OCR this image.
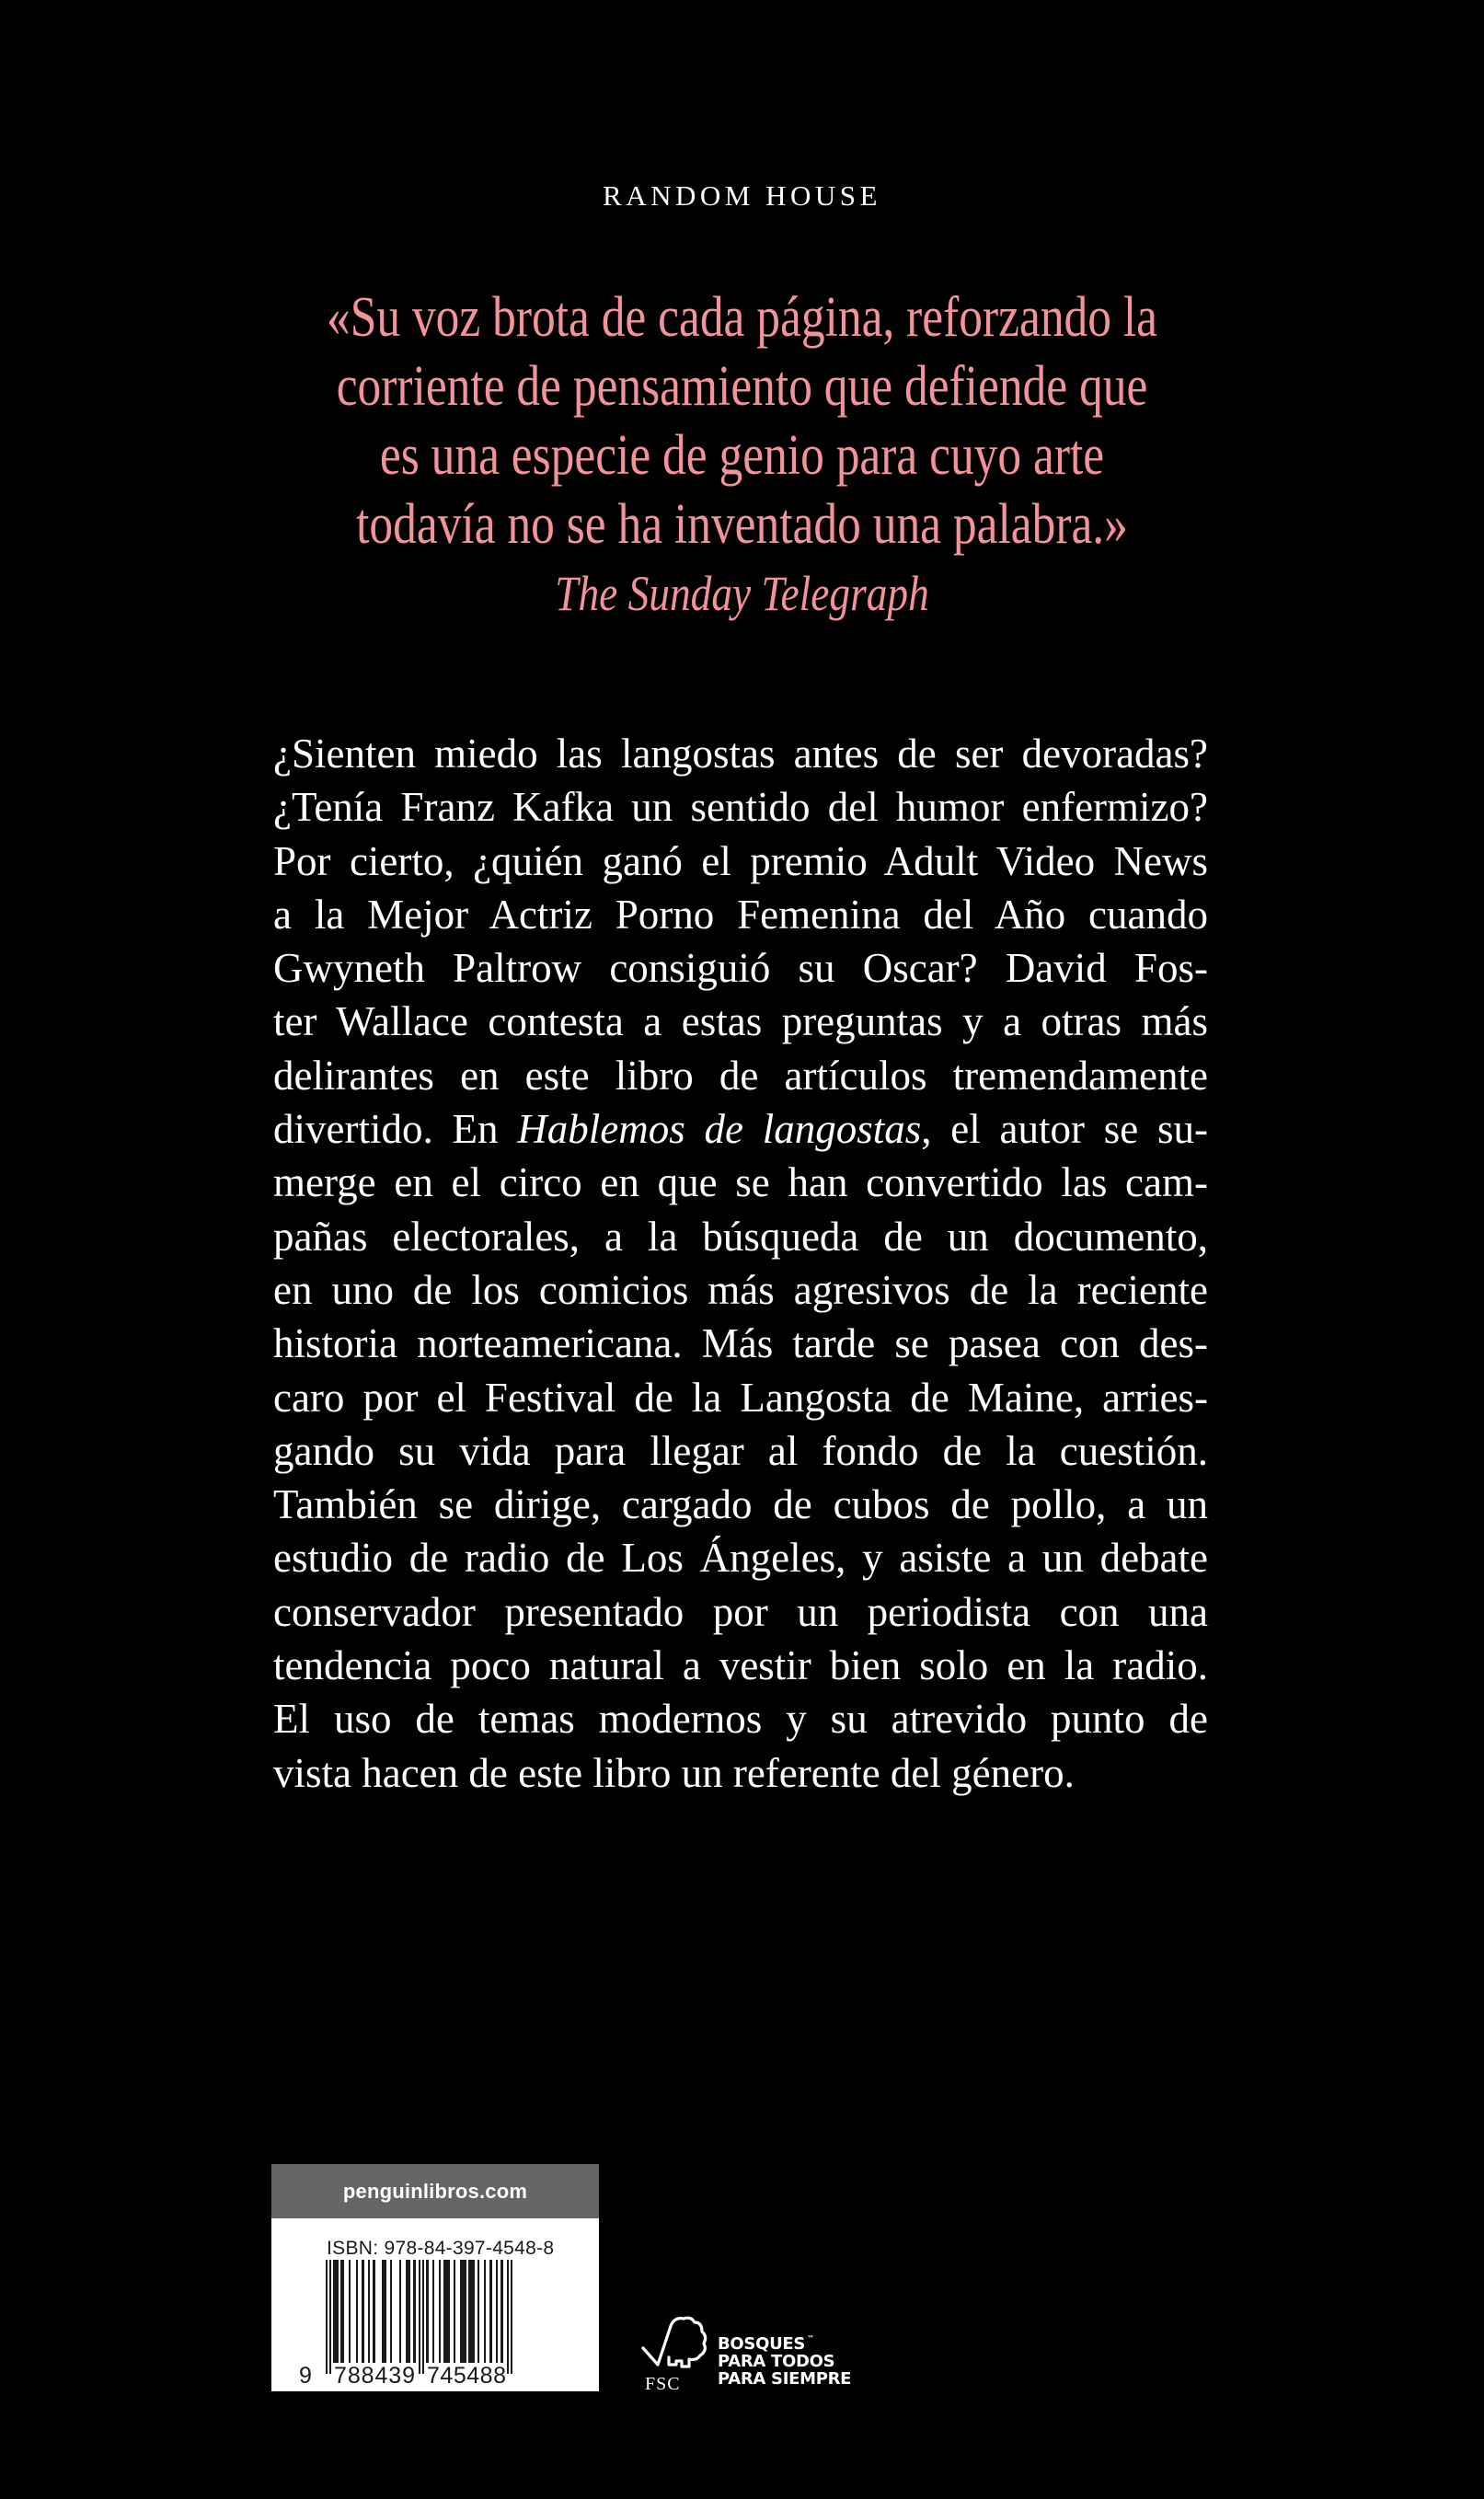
RANDOM HOUSE
«Su voz brota de cada página, reforzando la
corriente de pensamiento que defiende que
es una especie de genio para cuyo arte
todavía no se ha inventado una palabra.»
The Sunday Telegraph
¿Sienten miedo las langostas antes de ser devoradas?
¿Tenía Franz Kafka un sentido del humor enfermizo?
Por cierto, ¿quién ganó el premio Adult Video News
a la Mejor Actriz Porno Femenina del Año cuando
Gwyneth Paltrow consiguió su Oscar? David Fos-
ter Wallace contesta a estas preguntas y a otras más
delirantes en este libro de artículos tremendamente
divertido. En Hablemos de langostas, el autor se su-
merge en el circo en que se han convertido las cam-
pañas electorales, a la búsqueda de un documento,
en uno de los comicios más agresivos de la reciente
historia norteamericana. Más tarde se pasea con des-
caro por el Festival de la Langosta de Maine, arries-
gando su vida para llegar al fondo de la cuestión.
También se dirige, cargado de cubos de pollo, a un
estudio de radio de Los Ángeles, y asiste a un debate
conservador presentado por un periodista con una
tendencia poco natural a vestir bien solo en la radio.
El uso de temas modernos y su atrevido punto de
vista hacen de este libro un referente del género.
penguinlibros.com
ISBN: 978-84-397-4548-8
9 788439 745488	FSC
BOSQUES ™
PARA TODOS
PARA SIEMPRE
